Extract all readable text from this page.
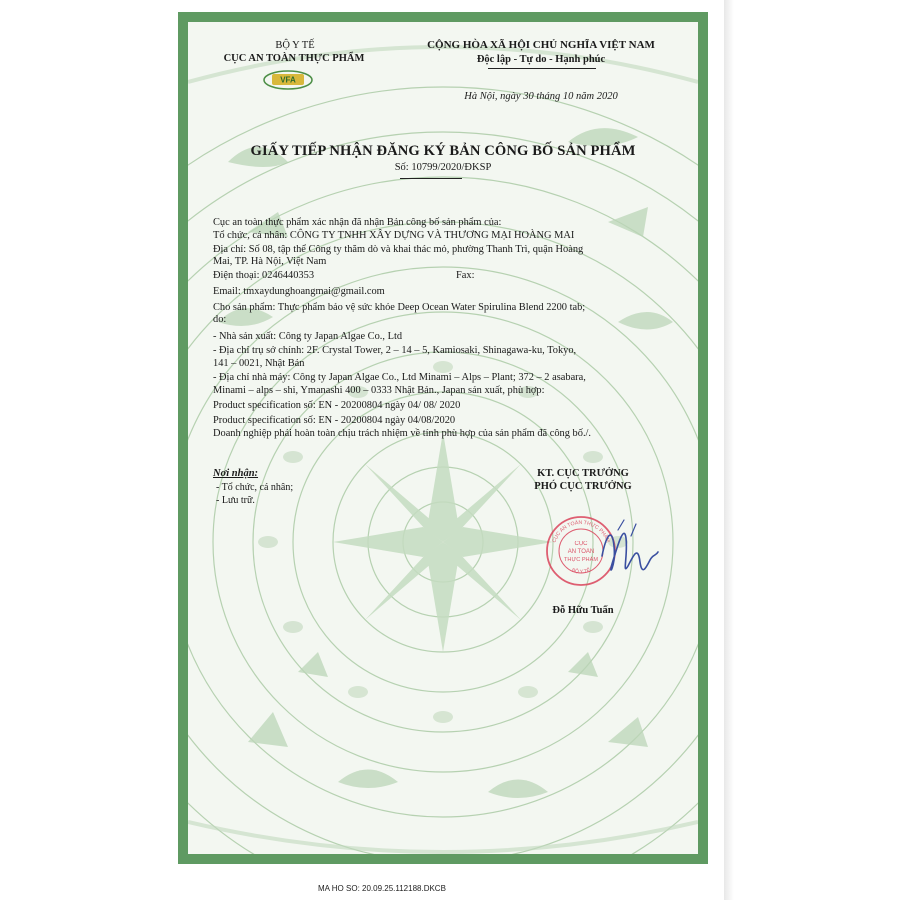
BỘ Y TẾ
CỤC AN TOÀN THỰC PHẨM
VFA
CỘNG HÒA XÃ HỘI CHỦ NGHĨA VIỆT NAM
Độc lập - Tự do - Hạnh phúc
Hà Nội, ngày 30 tháng 10 năm 2020
GIẤY TIẾP NHẬN ĐĂNG KÝ BẢN CÔNG BỐ SẢN PHẨM
Số: 10799/2020/ĐKSP
Cục an toàn thực phẩm xác nhận đã nhận Bản công bố sản phẩm của:
Tổ chức, cá nhân: CÔNG TY TNHH XÂY DỰNG VÀ THƯƠNG MẠI HOÀNG MAI
Địa chỉ: Số 08, tập thể Công ty thăm dò và khai thác mỏ, phường Thanh Trì, quận Hoàng
Mai, TP. Hà Nội, Việt Nam
Điện thoại: 0246440353	Fax:
Email: tmxaydunghoangmai@gmail.com
Cho sản phẩm: Thực phẩm bảo vệ sức khỏe Deep Ocean Water Spirulina Blend 2200 tab;
do:
- Nhà sản xuất: Công ty Japan Algae Co., Ltd
- Địa chỉ trụ sở chính: 2F. Crystal Tower, 2 – 14 – 5, Kamiosaki, Shinagawa-ku, Tokyo,
141 – 0021, Nhật Bản
- Địa chỉ nhà máy: Công ty Japan Algae Co., Ltd Minami – Alps – Plant; 372 – 2 asabara,
Minami – alps – shi, Ymanashi 400 – 0333 Nhật Bản., Japan sản xuất, phù hợp:
Product specification số: EN - 20200804 ngày 04/ 08/ 2020
Product specification số: EN - 20200804 ngày 04/08/2020
Doanh nghiệp phải hoàn toàn chịu trách nhiệm về tính phù hợp của sản phẩm đã công bố./.
Nơi nhận:
- Tổ chức, cá nhân;
- Lưu trữ.
KT. CỤC TRƯỞNG
PHÓ CỤC TRƯỞNG
CỤC AN TOÀN THỰC PHẨM
BỘ Y TẾ
CỤC
AN TOÀN
THỰC PHẨM
Đỗ Hữu Tuấn
MA HO SO: 20.09.25.112188.DKCB
